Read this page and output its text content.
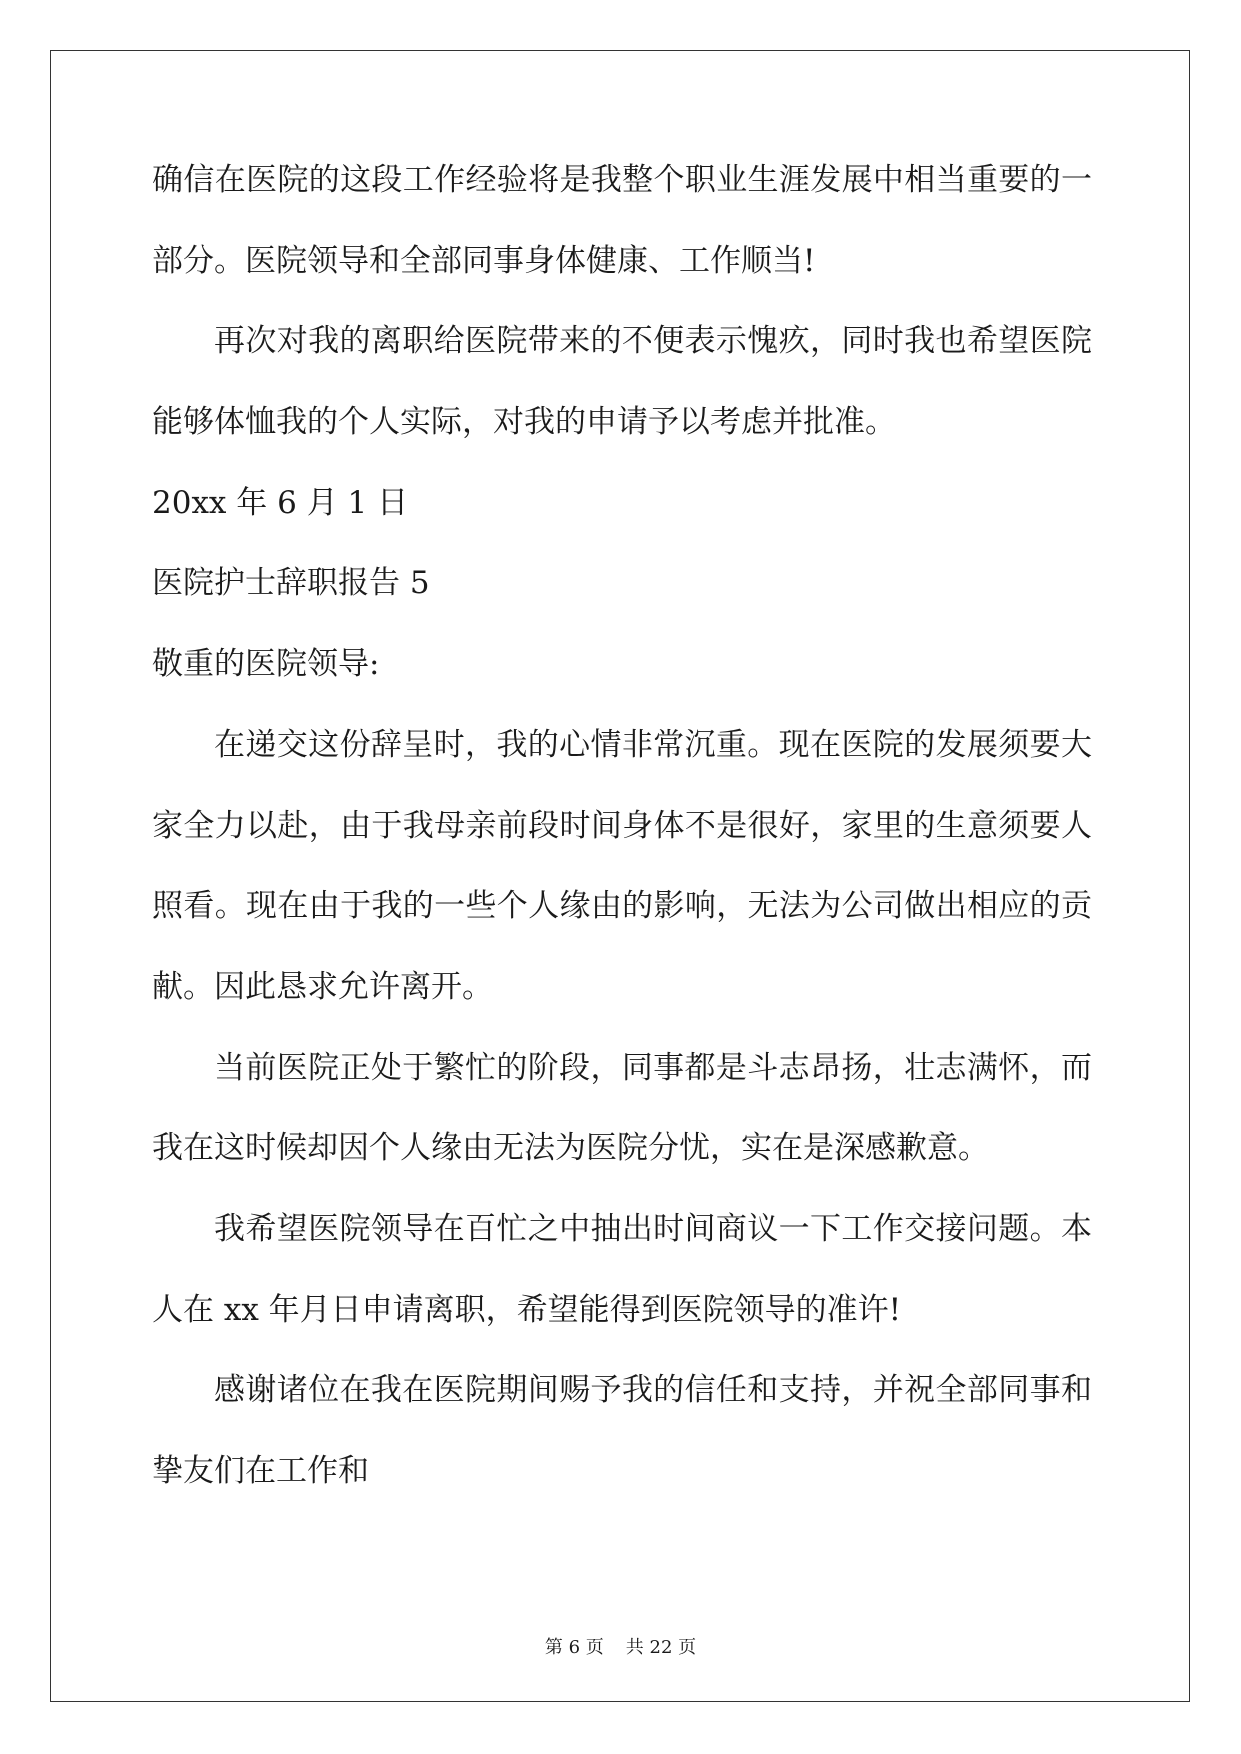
确信在医院的这段工作经验将是我整个职业生涯发展中相当重要的一
部分。医院领导和全部同事身体健康、工作顺当!
再次对我的离职给医院带来的不便表示愧疚，同时我也希望医院
能够体恤我的个人实际，对我的申请予以考虑并批准。
20xx 年 6 月 1 日
医院护士辞职报告 5
敬重的医院领导:
在递交这份辞呈时，我的心情非常沉重。现在医院的发展须要大
家全力以赴，由于我母亲前段时间身体不是很好，家里的生意须要人
照看。现在由于我的一些个人缘由的影响，无法为公司做出相应的贡
献。因此恳求允许离开。
当前医院正处于繁忙的阶段，同事都是斗志昂扬，壮志满怀，而
我在这时候却因个人缘由无法为医院分忧，实在是深感歉意。
我希望医院领导在百忙之中抽出时间商议一下工作交接问题。本
人在 xx 年月日申请离职，希望能得到医院领导的准许!
感谢诸位在我在医院期间赐予我的信任和支持，并祝全部同事和
挚友们在工作和
第 6 页 共 22 页
